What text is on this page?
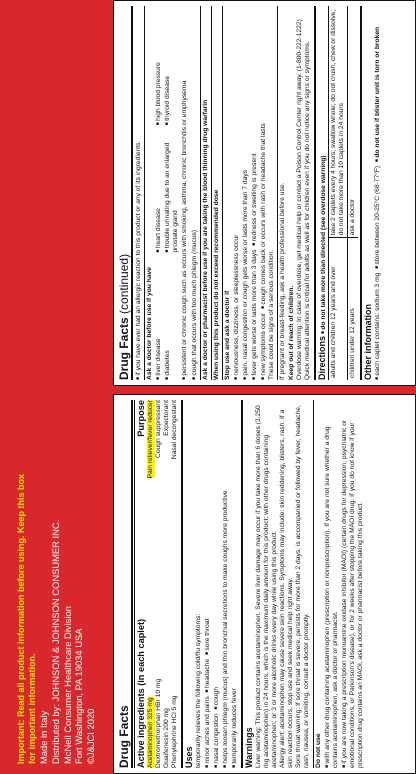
Important: Read all product information before using. Keep this box for important information. Made in Italy Distributed by: JOHNSON & JOHNSON CONSUMER INC. McNeil Consumer Healthcare Division Fort Washington, PA 19034 USA ©J&JCI 2020 Drug Facts Active ingredients (in each caplet)
Purpose
Acetaminophen 325 mg
Pain reliever/fever reducer
Dextromethorphan HBr 10 mg
Cough suppressant
Guaifenesin 200 mg
Expectorant
Phenylephrine HCl 5 mg
Nasal decongestant
Uses temporarily relieves the following cold/flu symptoms: ■ minor aches and pains  ■ headache  ■ sore throat
■ nasal congestion  ■ cough ■ helps loosen phlegm (mucus) and thin bronchial secretions to make coughs more productive ■ temporarily reduces fever Warnings Liver warning: This product contains acetaminophen. Severe liver damage may occur if you take more than 6 doses (3,250 mg acetaminophen) in 24 hours, which is the maximum daily amount for this product; with other drugs containing acetaminophen; or 3 or more alcoholic drinks every day while using this product. Allergy alert: acetaminophen may cause severe skin reactions. Symptoms may include: skin reddening, blisters, rash. If a skin reaction occurs, stop use and seek medical help right away. Sore throat warning: If sore throat is severe, persists for more than 2 days, is accompanied or followed by fever, headache, rash, nausea, or vomiting, consult a doctor promptly. Do not use ■ with any other drug containing acetaminophen (prescription or nonprescription). If you are not sure whether a drug contains acetaminophen, ask a doctor or pharmacist. ■ if you are now taking a prescription monoamine oxidase inhibitor (MAOI) (certain drugs for depression, psychiatric or emotional conditions, or Parkinson's disease), or for 2 weeks after stopping the MAOI drug. If you do not know if your prescription drug contains an MAOI, ask a doctor or pharmacist before taking this product.
Drug Facts (continued) ■ if you have ever had an allergic reaction to this product or any of its ingredients. Ask a doctor before use if you have ■ liver disease ■ diabetes
■ heart disease ■ trouble urinating due to an enlarged prostate gland
■ high blood pressure ■ thyroid disease ■ persistent or chronic cough such as occurs with smoking, asthma, chronic bronchitis or emphysema ■ cough that occurs with too much phlegm (mucus) Ask a doctor or pharmacist before use if you are taking the blood thinning drug warfarin When using this product do not exceed recommended dose Stop use and ask a doctor if ■ nervousness, dizziness, or sleeplessness occur ■ pain, nasal congestion or cough gets worse or lasts more than 7 days ■ fever gets worse or lasts more than 3 days  ■ redness or swelling is present
■ new symptoms occur  ■ cough comes back or occurs with rash or headache that lasts
These could be signs of a serious condition. If pregnant or breast-feeding, ask a health professional before use. Keep out of reach of children. Overdose warning: In case of overdose, get medical help or contact a Poison Control Center right away. (1-800-222-1222) Quick medical attention is critical for adults as well as for children even if you do not notice any signs or symptoms. Directions ■ do not take more than directed (see overdose warning) adults and children 12 years and over	take 2 caplets every 4 hours; swallow whole; do not crush, chew or dissolve; do not take more than 10 caplets in 24 hours
children under 12 years	ask a doctor
Other information ■ each caplet contains: sodium 3 mg  ■ store between 20-25°C (68-77°F)  ■ do not use if blister unit is torn or broken
